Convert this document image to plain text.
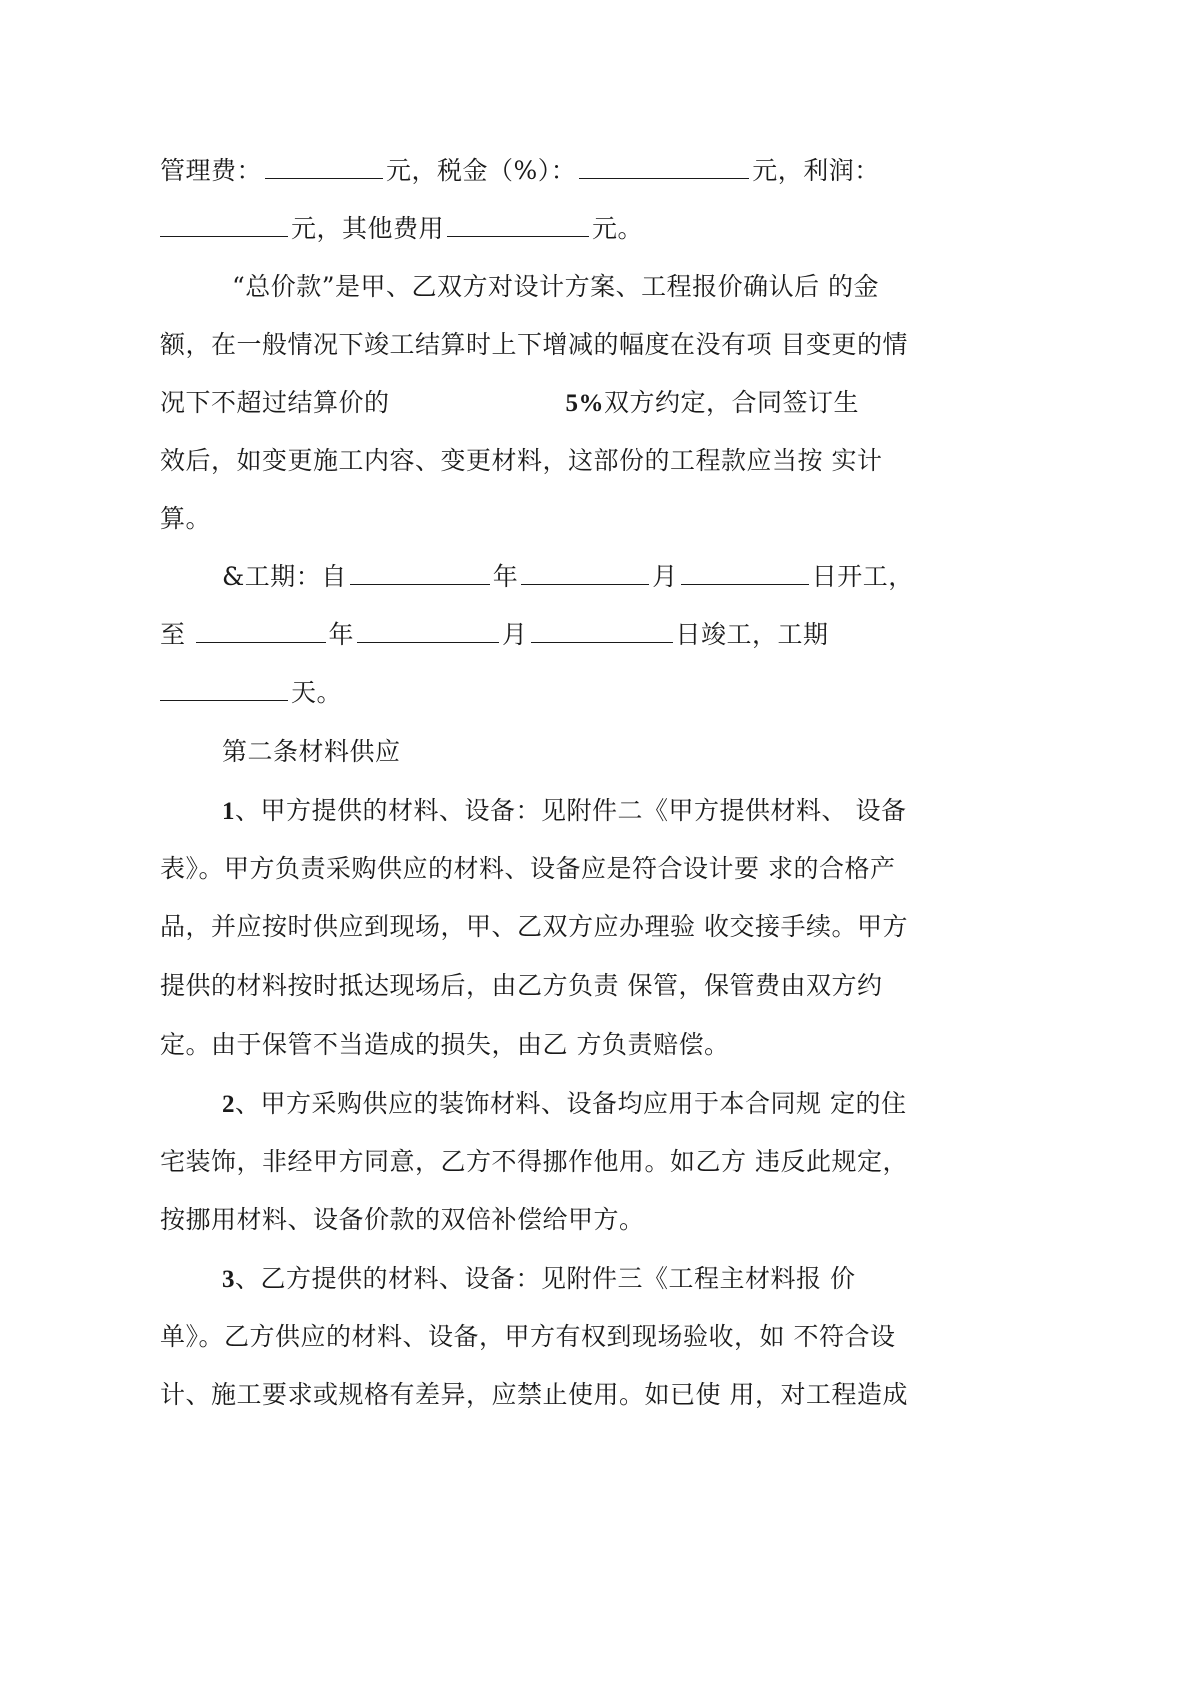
管理费：	元，税金（%）：	元，利润：
元，其他费用	元。
“总价款”是甲、乙双方对设计方案、工程报价确认后 的金
额，在一般情况下竣工结算时上下增减的幅度在没有项 目变更的情
况下不超过结算价的	5%双方约定，合同签订生
效后，如变更施工内容、变更材料，这部份的工程款应当按 实计
算。
&工期：自	年	月	日开工，
至	年	月	日竣工，工期
天。
第二条材料供应
1、甲方提供的材料、设备：见附件二《甲方提供材料、 设备
表》。甲方负责采购供应的材料、设备应是符合设计要 求的合格产
品，并应按时供应到现场，甲、乙双方应办理验 收交接手续。甲方
提供的材料按时抵达现场后，由乙方负责 保管，保管费由双方约
定。由于保管不当造成的损失，由乙 方负责赔偿。
2、甲方采购供应的装饰材料、设备均应用于本合同规 定的住
宅装饰，非经甲方同意，乙方不得挪作他用。如乙方 违反此规定，
按挪用材料、设备价款的双倍补偿给甲方。
3、乙方提供的材料、设备：见附件三《工程主材料报 价
单》。乙方供应的材料、设备，甲方有权到现场验收，如 不符合设
计、施工要求或规格有差异，应禁止使用。如已使 用，对工程造成
